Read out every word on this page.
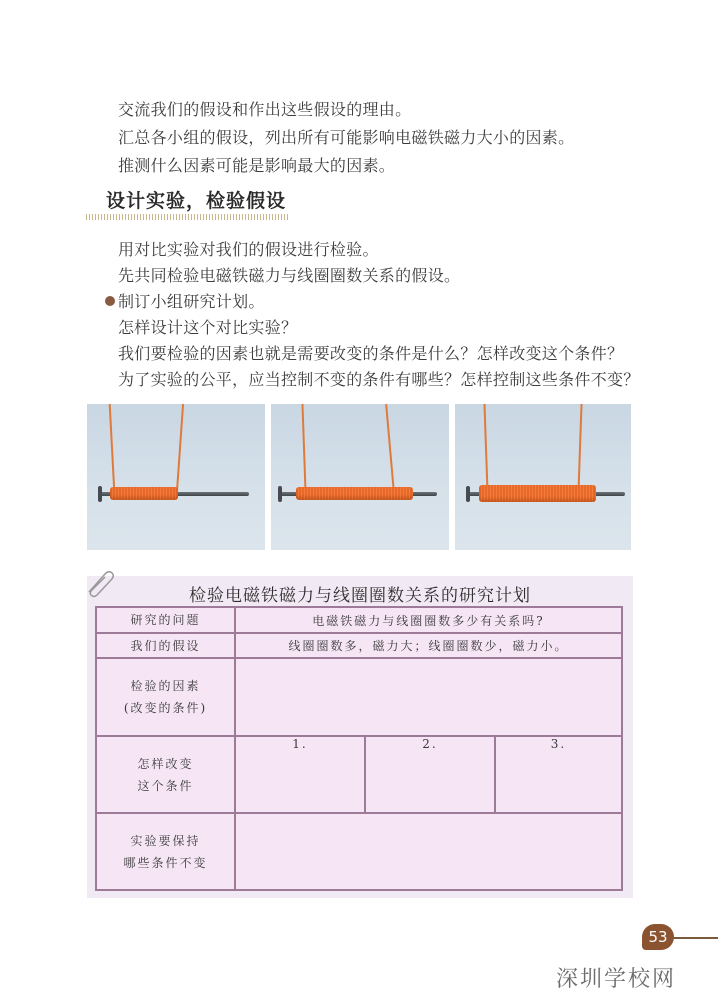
交流我们的假设和作出这些假设的理由。
汇总各小组的假设，列出所有可能影响电磁铁磁力大小的因素。
推测什么因素可能是影响最大的因素。
设计实验，检验假设
用对比实验对我们的假设进行检验。
先共同检验电磁铁磁力与线圈圈数关系的假设。
制订小组研究计划。
怎样设计这个对比实验？
我们要检验的因素也就是需要改变的条件是什么？怎样改变这个条件？
为了实验的公平，应当控制不变的条件有哪些？怎样控制这些条件不变？
检验电磁铁磁力与线圈圈数关系的研究计划
研究的问题	电磁铁磁力与线圈圈数多少有关系吗?		
我们的假设	线圈圈数多，磁力大；线圈圈数少，磁力小。		

检验的因素
(改变的条件)			

怎样改变
这个条件	1.	2.	3.

实验要保持
哪些条件不变			

53
深圳学校网
